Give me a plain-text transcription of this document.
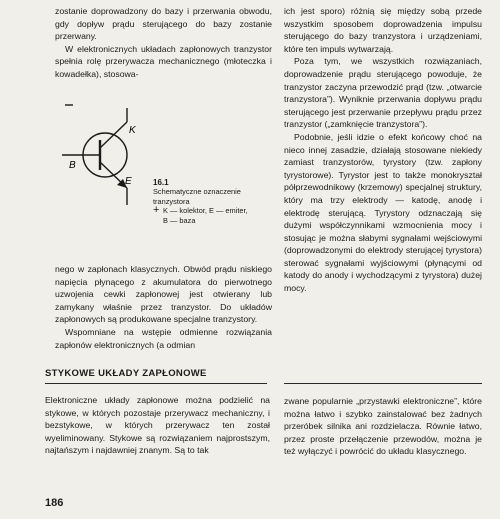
zostanie doprowadzony do bazy i przerwania obwodu, gdy dopływ prądu sterującego do bazy zostanie przerwany.

W elektronicznych układach zapłonowych tranzystor spełnia rolę przerywacza mechanicznego (młoteczka i kowadełka), stosowa-

K
B
E	16.1
Schematyczne oznaczenie tranzystora
+ K — kolektor, E — emiter,
B — baza

nego w zapłonach klasycznych. Obwód prądu niskiego napięcia płynącego z akumulatora do pierwotnego uzwojenia cewki zapłonowej jest otwierany lub zamykany właśnie przez tranzystor. Do układów zapłonowych są produkowane specjalne tranzystory.

Wspomniane na wstępie odmienne rozwiązania zapłonów elektronicznych (a odmian

ich jest sporo) różnią się między sobą przede wszystkim sposobem doprowadzenia impulsu sterującego do bazy tranzystora i urządzeniami, które ten impuls wytwarzają.

Poza tym, we wszystkich rozwiązaniach, doprowadzenie prądu sterującego powoduje, że tranzystor zaczyna przewodzić prąd (tzw. „otwarcie tranzystora”). Wyniknie przerwania dopływu prądu sterującego jest przerwanie przepływu prądu przez tranzystor („zamknięcie tranzystora”).

Podobnie, jeśli idzie o efekt końcowy choć na nieco innej zasadzie, działają stosowane niekiedy zamiast tranzystorów, tyrystory (tzw. zapłony tyrystorowe). Tyrystor jest to także monokryształ półprzewodnikowy (krzemowy) specjalnej struktury, który ma trzy elektrody — katodę, anodę i elektrodę sterującą. Tyrystory odznaczają się dużymi współczynnikami wzmocnienia mocy i stosując je można słabymi sygnałami wejściowymi (doprowadzonymi do elektrody sterującej tyrystora) sterować sygnałami wyjściowymi (płynącymi od katody do anody i wychodzącymi z tyrystora) dużej mocy.

STYKOWE UKŁADY ZAPŁONOWE

Elektroniczne układy zapłonowe można podzielić na stykowe, w których pozostaje przerywacz mechaniczny, i bezstykowe, w których przerywacz ten został wyeliminowany. Stykowe są rozwiązaniem najprostszym, najtańszym i najdawniej znanym. Są to tak

zwane popularnie „przystawki elektroniczne”, które można łatwo i szybko zainstalować bez żadnych przeróbek silnika ani rozdzielacza. Równie łatwo, przez proste przełączenie przewodów, można je też wyłączyć i powrócić do układu klasycznego.

186
